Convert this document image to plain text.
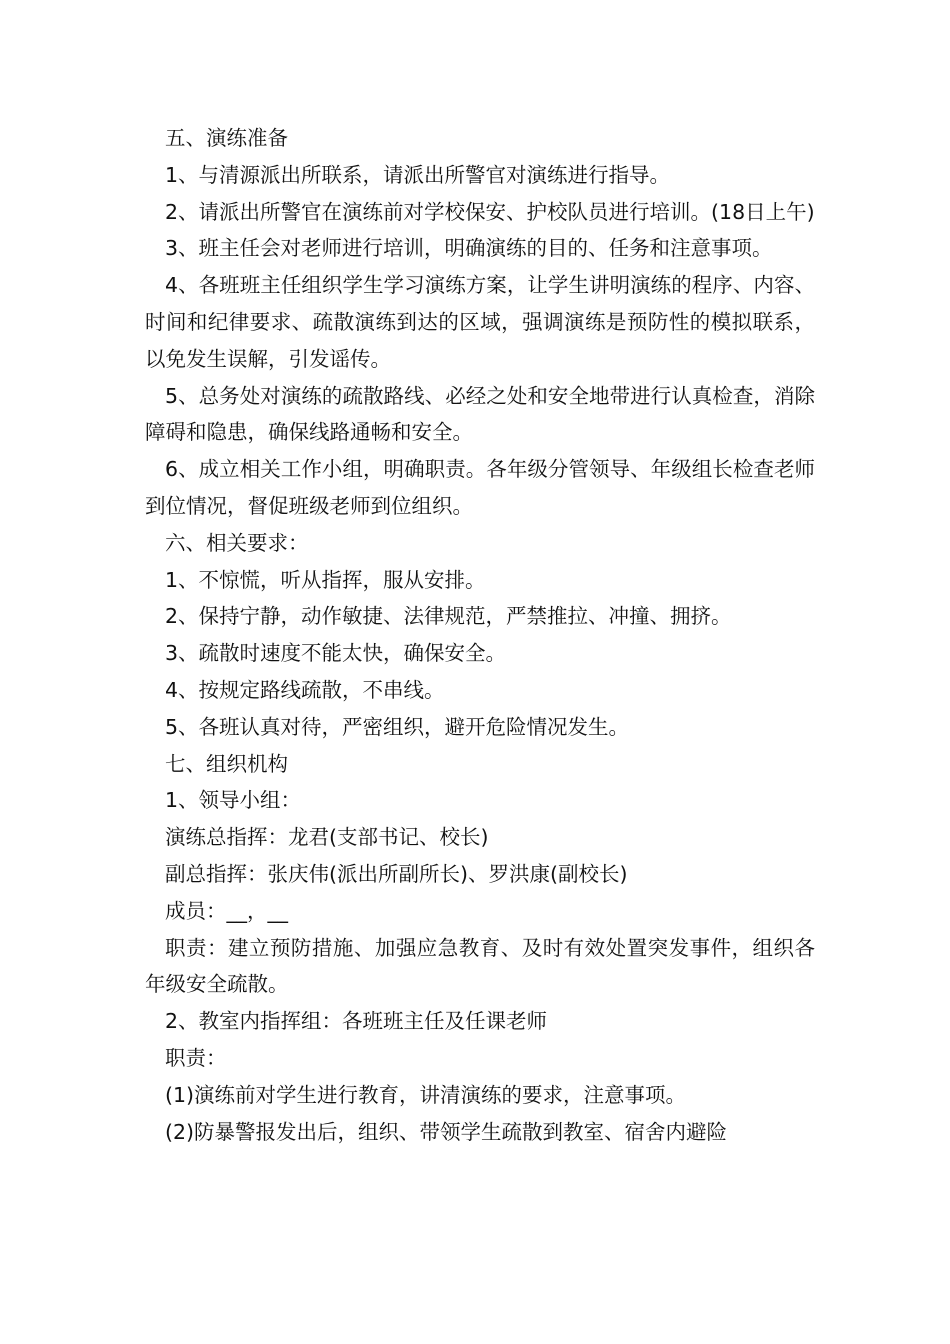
五、演练准备

1、与清源派出所联系，请派出所警官对演练进行指导。

2、请派出所警官在演练前对学校保安、护校队员进行培训。(18日上午)

3、班主任会对老师进行培训，明确演练的目的、任务和注意事项。

4、各班班主任组织学生学习演练方案，让学生讲明演练的程序、内容、时间和纪律要求、疏散演练到达的区域，强调演练是预防性的模拟联系，以免发生误解，引发谣传。

5、总务处对演练的疏散路线、必经之处和安全地带进行认真检查，消除障碍和隐患，确保线路通畅和安全。

6、成立相关工作小组，明确职责。各年级分管领导、年级组长检查老师到位情况，督促班级老师到位组织。

六、相关要求：

1、不惊慌，听从指挥，服从安排。

2、保持宁静，动作敏捷、法律规范，严禁推拉、冲撞、拥挤。

3、疏散时速度不能太快，确保安全。

4、按规定路线疏散，不串线。

5、各班认真对待，严密组织，避开危险情况发生。

七、组织机构

1、领导小组：

演练总指挥：龙君(支部书记、校长)

副总指挥：张庆伟(派出所副所长)、罗洪康(副校长)

成员：__，__

职责：建立预防措施、加强应急教育、及时有效处置突发事件，组织各年级安全疏散。

2、教室内指挥组：各班班主任及任课老师

职责：

(1)演练前对学生进行教育，讲清演练的要求，注意事项。

(2)防暴警报发出后，组织、带领学生疏散到教室、宿舍内避险
